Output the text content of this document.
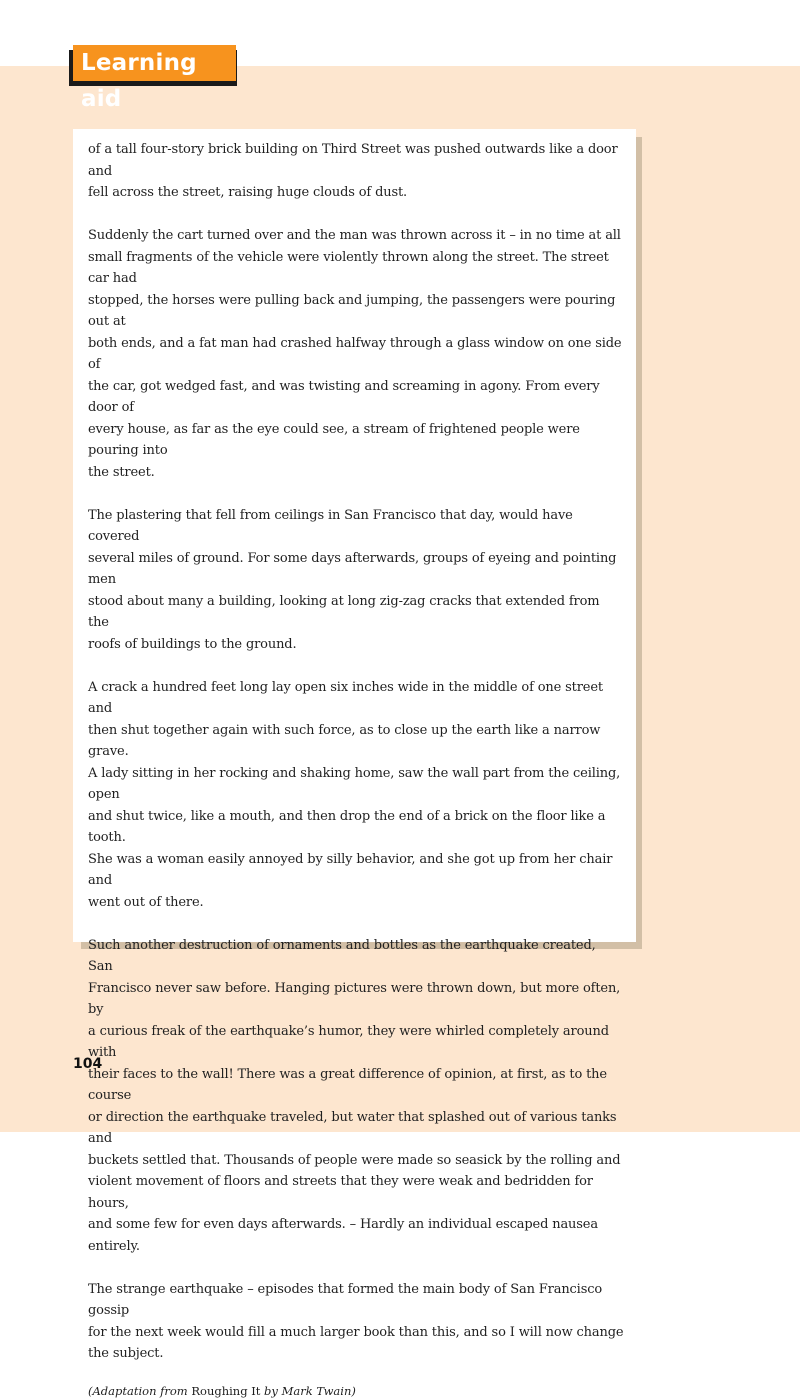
Learning aid

of a tall four-story brick building on Third Street was pushed outwards like a door and
fell across the street, raising huge clouds of dust.

Suddenly the cart turned over and the man was thrown across it – in no time at all
small fragments of the vehicle were violently thrown along the street. The street car had
stopped, the horses were pulling back and jumping, the passengers were pouring out at
both ends, and a fat man had crashed halfway through a glass window on one side of
the car, got wedged fast, and was twisting and screaming in agony. From every door of
every house, as far as the eye could see, a stream of frightened people were pouring into
the street.

The plastering that fell from ceilings in San Francisco that day, would have covered
several miles of ground. For some days afterwards, groups of eyeing and pointing men
stood about many a building, looking at long zig-zag cracks that extended from the
roofs of buildings to the ground.

A crack a hundred feet long lay open six inches wide in the middle of one street and
then shut together again with such force, as to close up the earth like a narrow grave.
A lady sitting in her rocking and shaking home, saw the wall part from the ceiling, open
and shut twice, like a mouth, and then drop the end of a brick on the floor like a tooth.
She was a woman easily annoyed by silly behavior, and she got up from her chair and
went out of there.

Such another destruction of ornaments and bottles as the earthquake created, San
Francisco never saw before. Hanging pictures were thrown down, but more often, by
a curious freak of the earthquake’s humor, they were whirled completely around with
their faces to the wall! There was a great difference of opinion, at first, as to the course
or direction the earthquake traveled, but water that splashed out of various tanks and
buckets settled that. Thousands of people were made so seasick by the rolling and
violent movement of floors and streets that they were weak and bedridden for hours,
and some few for even days afterwards. – Hardly an individual escaped nausea entirely.

The strange earthquake – episodes that formed the main body of San Francisco gossip
for the next week would fill a much larger book than this, and so I will now change
the subject.

(Adaptation from Roughing It by Mark Twain)

104
